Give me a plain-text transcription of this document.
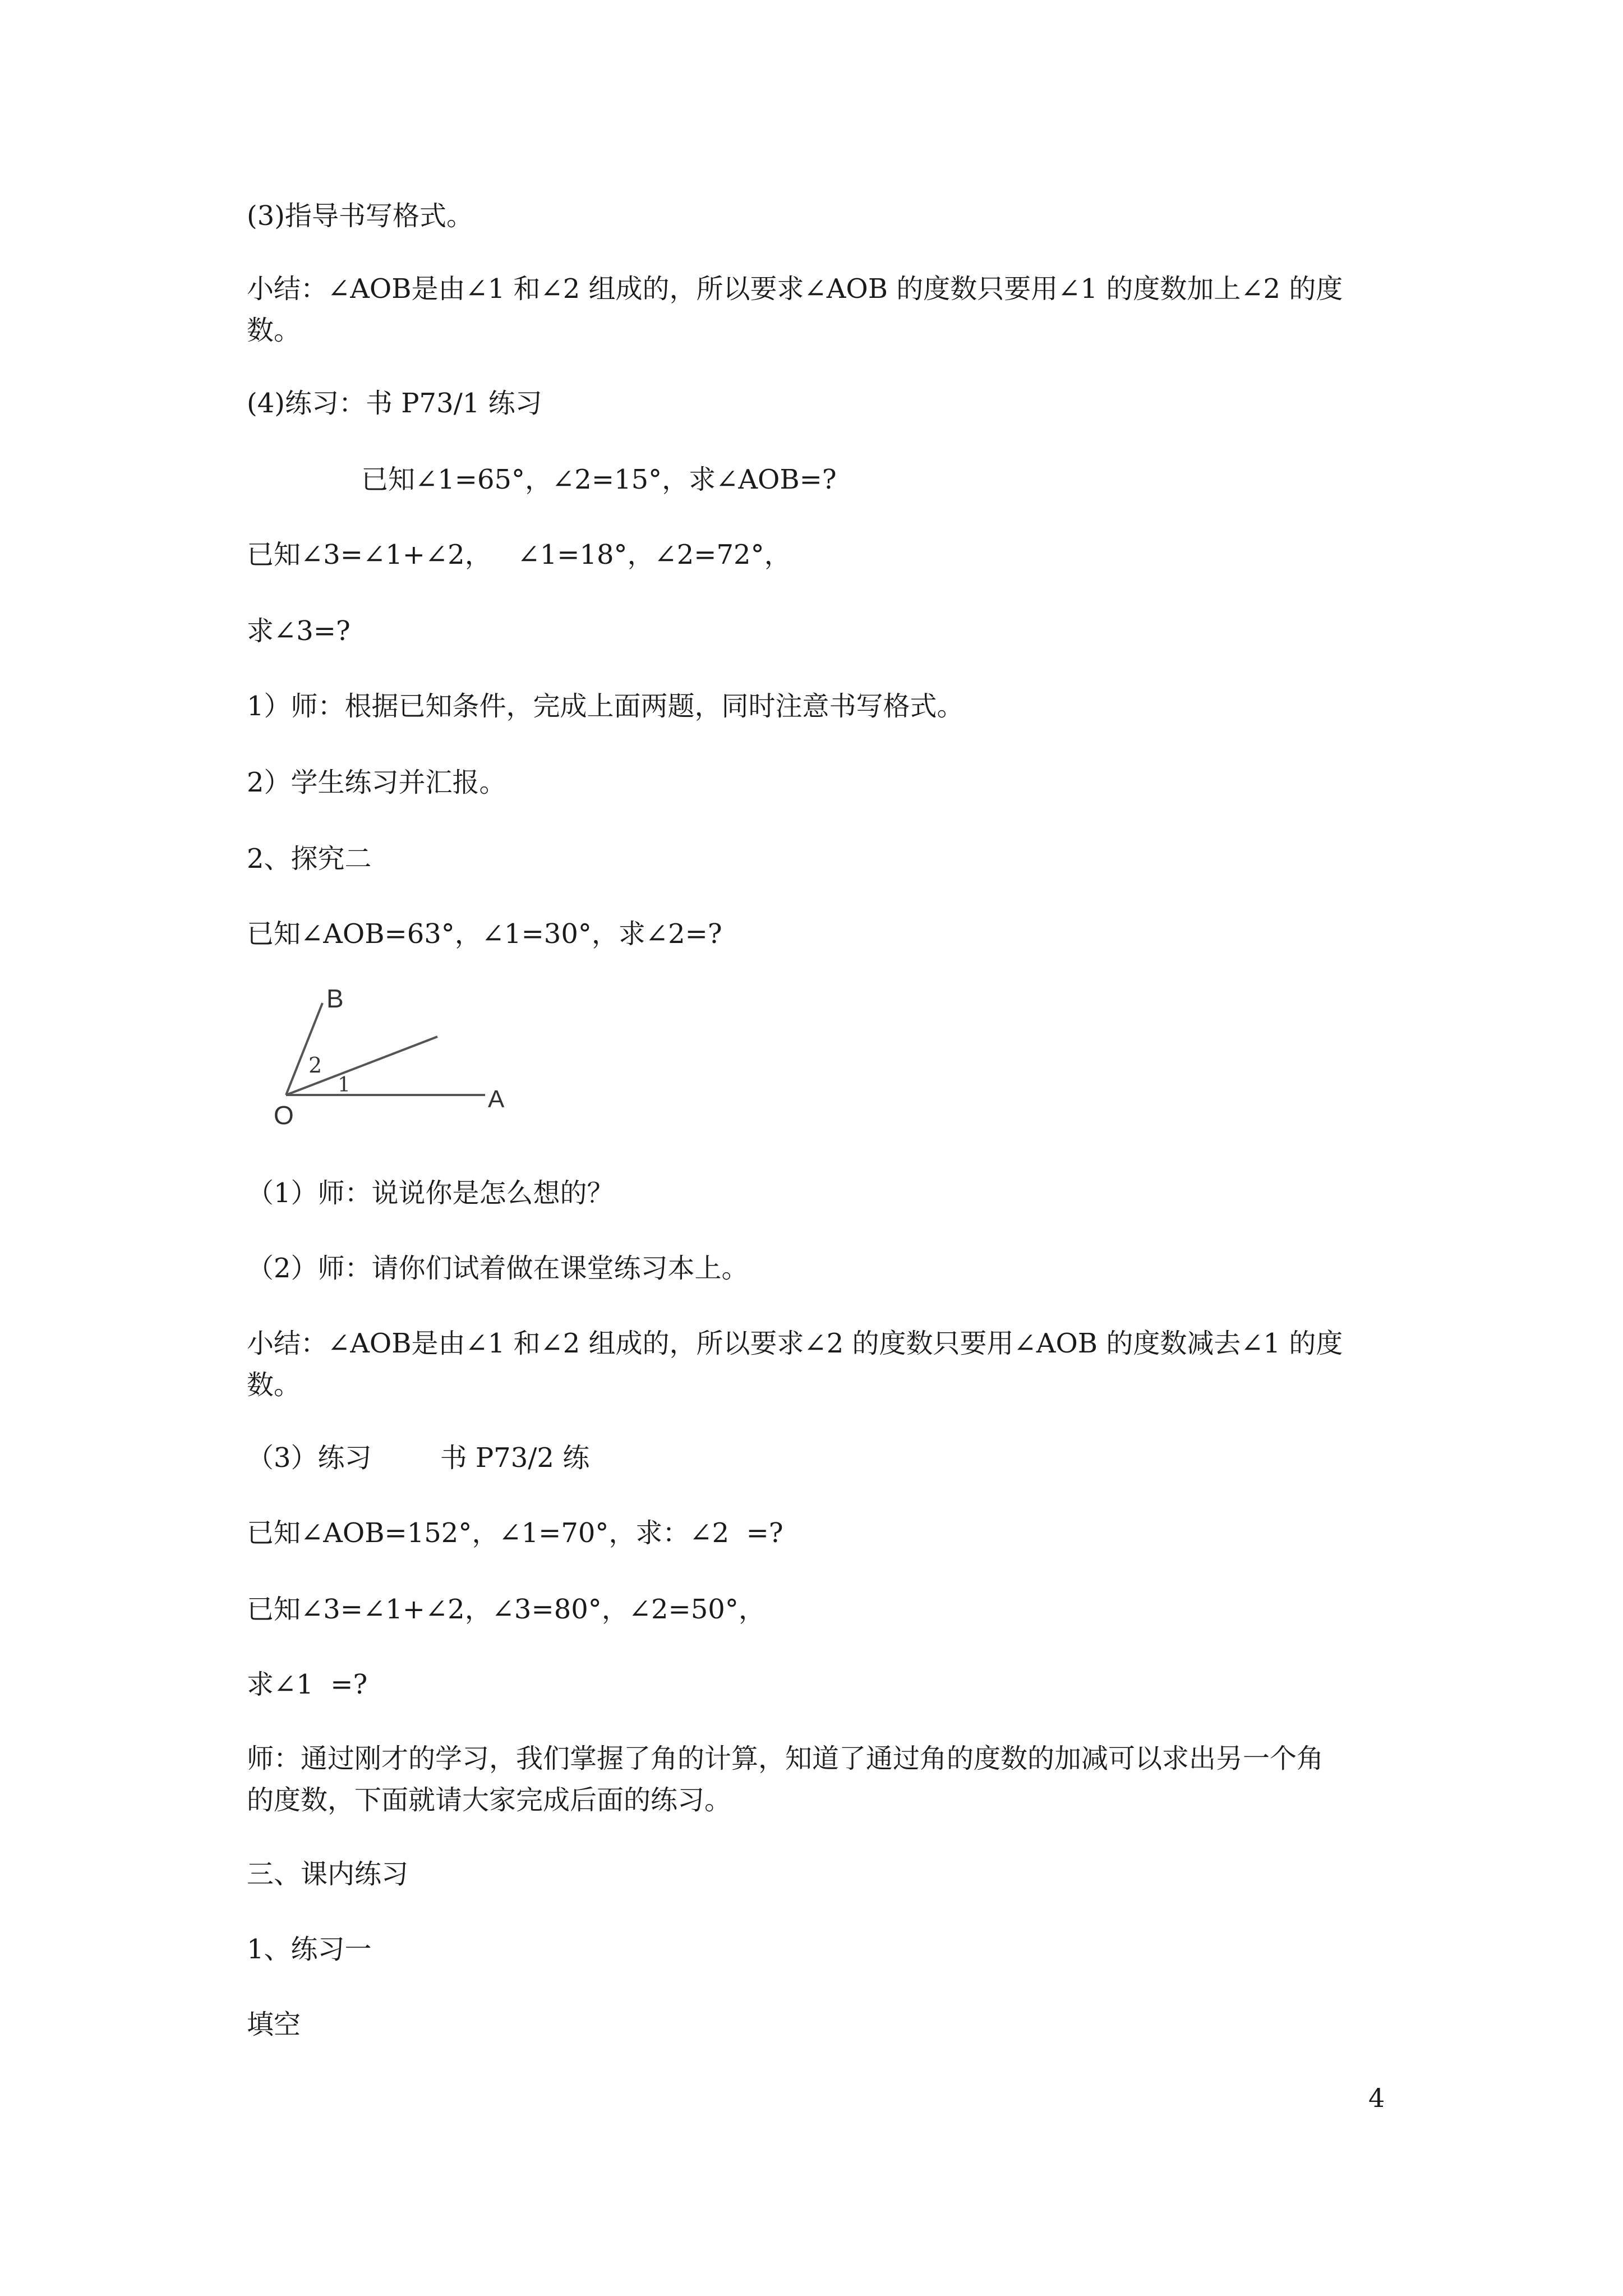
(3)指导书写格式。

小结：∠AOB是由∠1 和∠2 组成的，所以要求∠AOB 的度数只要用∠1 的度数加上∠2 的度

数。

(4)练习：书 P73/1 练习

已知∠1=65°，∠2=15°，求∠AOB=?

已知∠3=∠1+∠2，   ∠1=18°，∠2=72°，

求∠3=?

1）师：根据已知条件，完成上面两题，同时注意书写格式。

2）学生练习并汇报。

2、探究二

已知∠AOB=63°，∠1=30°，求∠2=?

B
O
A
2
1

（1）师：说说你是怎么想的？

（2）师：请你们试着做在课堂练习本上。

小结：∠AOB是由∠1 和∠2 组成的，所以要求∠2 的度数只要用∠AOB 的度数减去∠1 的度

数。

（3）练习        书 P73/2 练

已知∠AOB=152°，∠1=70°，求：∠2  =?

已知∠3=∠1+∠2，∠3=80°，∠2=50°，

求∠1  =?

师：通过刚才的学习，我们掌握了角的计算，知道了通过角的度数的加减可以求出另一个角

的度数，下面就请大家完成后面的练习。

三、课内练习

1、练习一

填空

4
